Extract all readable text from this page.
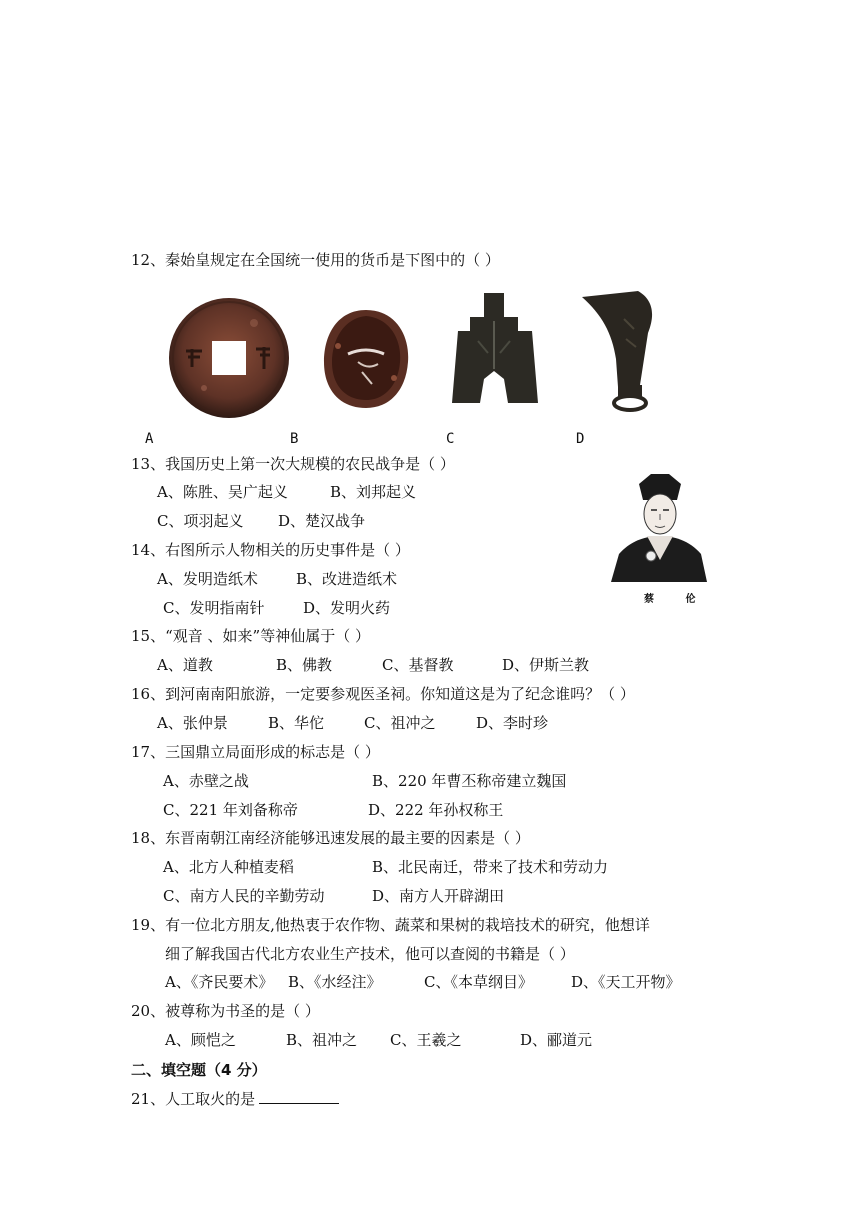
12、秦始皇规定在全国统一使用的货币是下图中的（ ）
A	B	C	D
13、我国历史上第一次大规模的农民战争是（ ）
A、陈胜、吴广起义	B、刘邦起义
C、项羽起义 D、楚汉战争
蔡 伦
14、右图所示人物相关的历史事件是（ ）
A、发明造纸术	B、改进造纸术
C、发明指南针	D、发明火药
15、“观音 、如来”等神仙属于（ ）
A、道教	B、佛教	C、基督教	D、伊斯兰教
16、到河南南阳旅游，一定要参观医圣祠。你知道这是为了纪念谁吗？（ ）
A、张仲景	B、华佗	C、祖冲之	D、李时珍
17、三国鼎立局面形成的标志是（ ）
A、赤壁之战	B、220 年曹丕称帝建立魏国
C、221 年刘备称帝	D、222 年孙权称王
18、东晋南朝江南经济能够迅速发展的最主要的因素是（ ）
A、北方人种植麦稻	B、北民南迁，带来了技术和劳动力
C、南方人民的辛勤劳动	D、南方人开辟湖田
19、有一位北方朋友,他热衷于农作物、蔬菜和果树的栽培技术的研究，他想详
细了解我国古代北方农业生产技术，他可以查阅的书籍是（ ）
A、《齐民要术》 B、《水经注》	C、《本草纲目》	D、《天工开物》
20、被尊称为书圣的是（ ）
A、顾恺之	B、祖冲之 C、王羲之	D、郦道元
二、填空题（4 分）
21、人工取火的是
